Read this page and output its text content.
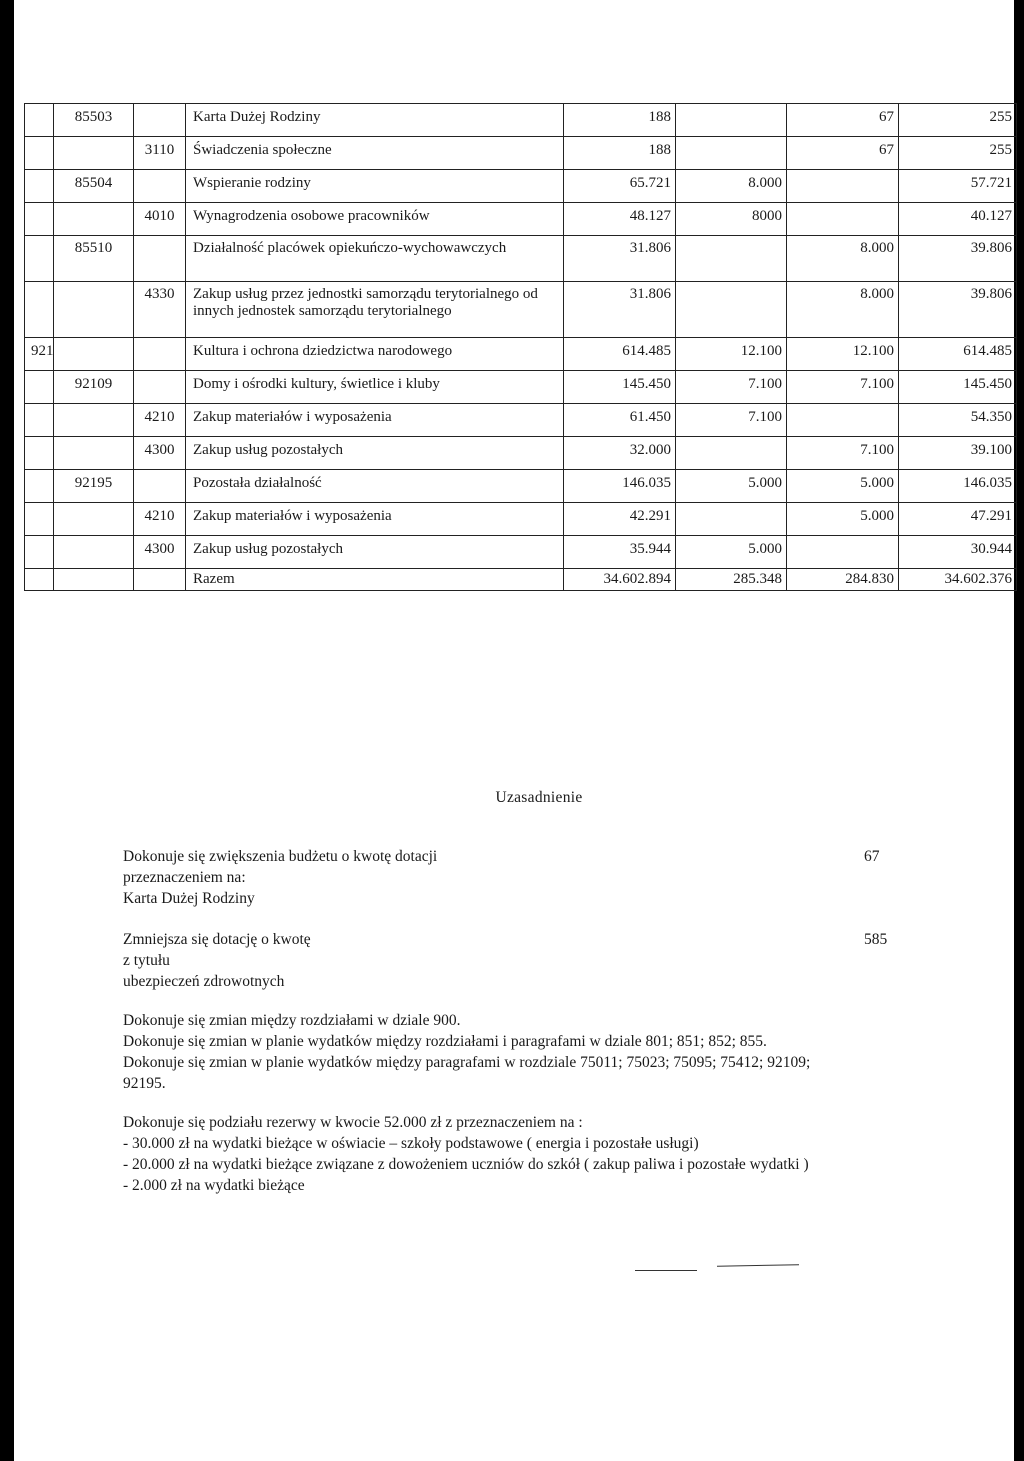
	85503		Karta Dużej Rodziny	188		67	255
		3110	Świadczenia społeczne	188		67	255
	85504		Wspieranie rodziny	65.721	8.000		57.721
		4010	Wynagrodzenia osobowe pracowników	48.127	8000		40.127
	85510		Działalność placówek opiekuńczo-wychowawczych	31.806		8.000	39.806
		4330	Zakup usług przez jednostki samorządu terytorialnego od innych jednostek samorządu terytorialnego	31.806		8.000	39.806
921			Kultura i ochrona dziedzictwa narodowego	614.485	12.100	12.100	614.485
	92109		Domy i ośrodki kultury, świetlice i kluby	145.450	7.100	7.100	145.450
		4210	Zakup materiałów i wyposażenia	61.450	7.100		54.350
		4300	Zakup usług pozostałych	32.000		7.100	39.100
	92195		Pozostała działalność	146.035	5.000	5.000	146.035
		4210	Zakup materiałów i wyposażenia	42.291		5.000	47.291
		4300	Zakup usług pozostałych	35.944	5.000		30.944
			Razem	34.602.894	285.348	284.830	34.602.376
Uzasadnienie
Dokonuje się zwiększenia budżetu o kwotę dotacji
przeznaczeniem na:
Karta Dużej Rodziny
67
Zmniejsza się dotację o kwotę
z tytułu
ubezpieczeń zdrowotnych
585
Dokonuje się zmian między rozdziałami w dziale 900.
Dokonuje się zmian w planie wydatków między rozdziałami i paragrafami w dziale 801; 851; 852; 855.
Dokonuje się zmian w planie wydatków między paragrafami w rozdziale 75011; 75023; 75095; 75412; 92109;
92195.
Dokonuje się podziału rezerwy w kwocie 52.000 zł z przeznaczeniem na :
- 30.000 zł na wydatki bieżące w oświacie – szkoły podstawowe ( energia i pozostałe usługi)
- 20.000 zł na wydatki bieżące związane z dowożeniem uczniów do szkół ( zakup paliwa i pozostałe wydatki )
- 2.000 zł na wydatki bieżące
